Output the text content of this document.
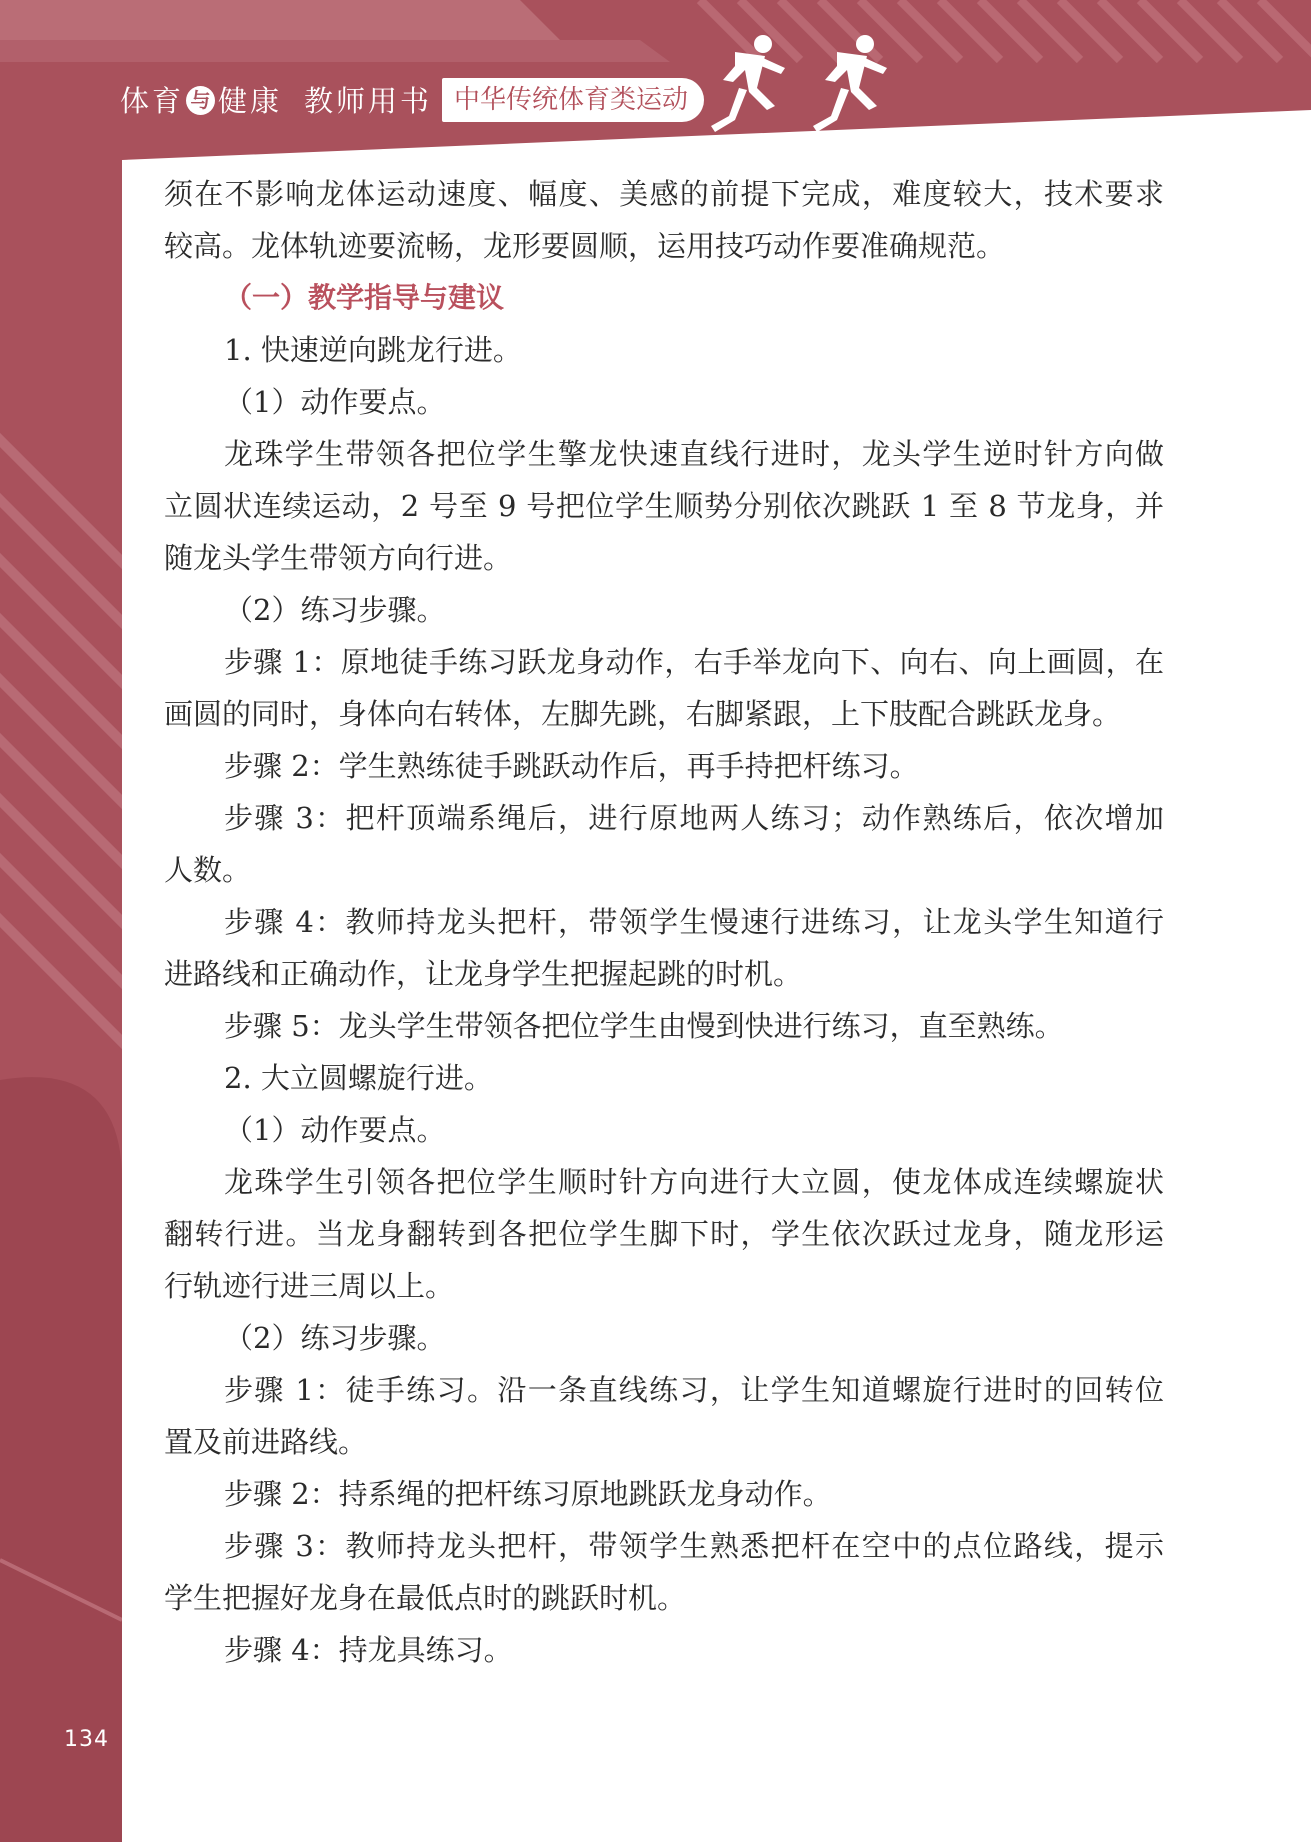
体育 与 健康 教师用书 中华传统体育类运动
须在不影响龙体运动速度、幅度、美感的前提下完成，难度较大，技术要求
较高。龙体轨迹要流畅，龙形要圆顺，运用技巧动作要准确规范。
（一）教学指导与建议
1. 快速逆向跳龙行进。
（1）动作要点。
龙珠学生带领各把位学生擎龙快速直线行进时，龙头学生逆时针方向做
立圆状连续运动，2 号至 9 号把位学生顺势分别依次跳跃 1 至 8 节龙身，并
随龙头学生带领方向行进。
（2）练习步骤。
步骤 1：原地徒手练习跃龙身动作，右手举龙向下、向右、向上画圆，在
画圆的同时，身体向右转体，左脚先跳，右脚紧跟，上下肢配合跳跃龙身。
步骤 2：学生熟练徒手跳跃动作后，再手持把杆练习。
步骤 3：把杆顶端系绳后，进行原地两人练习；动作熟练后，依次增加
人数。
步骤 4：教师持龙头把杆，带领学生慢速行进练习，让龙头学生知道行
进路线和正确动作，让龙身学生把握起跳的时机。
步骤 5：龙头学生带领各把位学生由慢到快进行练习，直至熟练。
2. 大立圆螺旋行进。
（1）动作要点。
龙珠学生引领各把位学生顺时针方向进行大立圆，使龙体成连续螺旋状
翻转行进。当龙身翻转到各把位学生脚下时，学生依次跃过龙身，随龙形运
行轨迹行进三周以上。
（2）练习步骤。
步骤 1：徒手练习。沿一条直线练习，让学生知道螺旋行进时的回转位
置及前进路线。
步骤 2：持系绳的把杆练习原地跳跃龙身动作。
步骤 3：教师持龙头把杆，带领学生熟悉把杆在空中的点位路线，提示
学生把握好龙身在最低点时的跳跃时机。
步骤 4：持龙具练习。
134
